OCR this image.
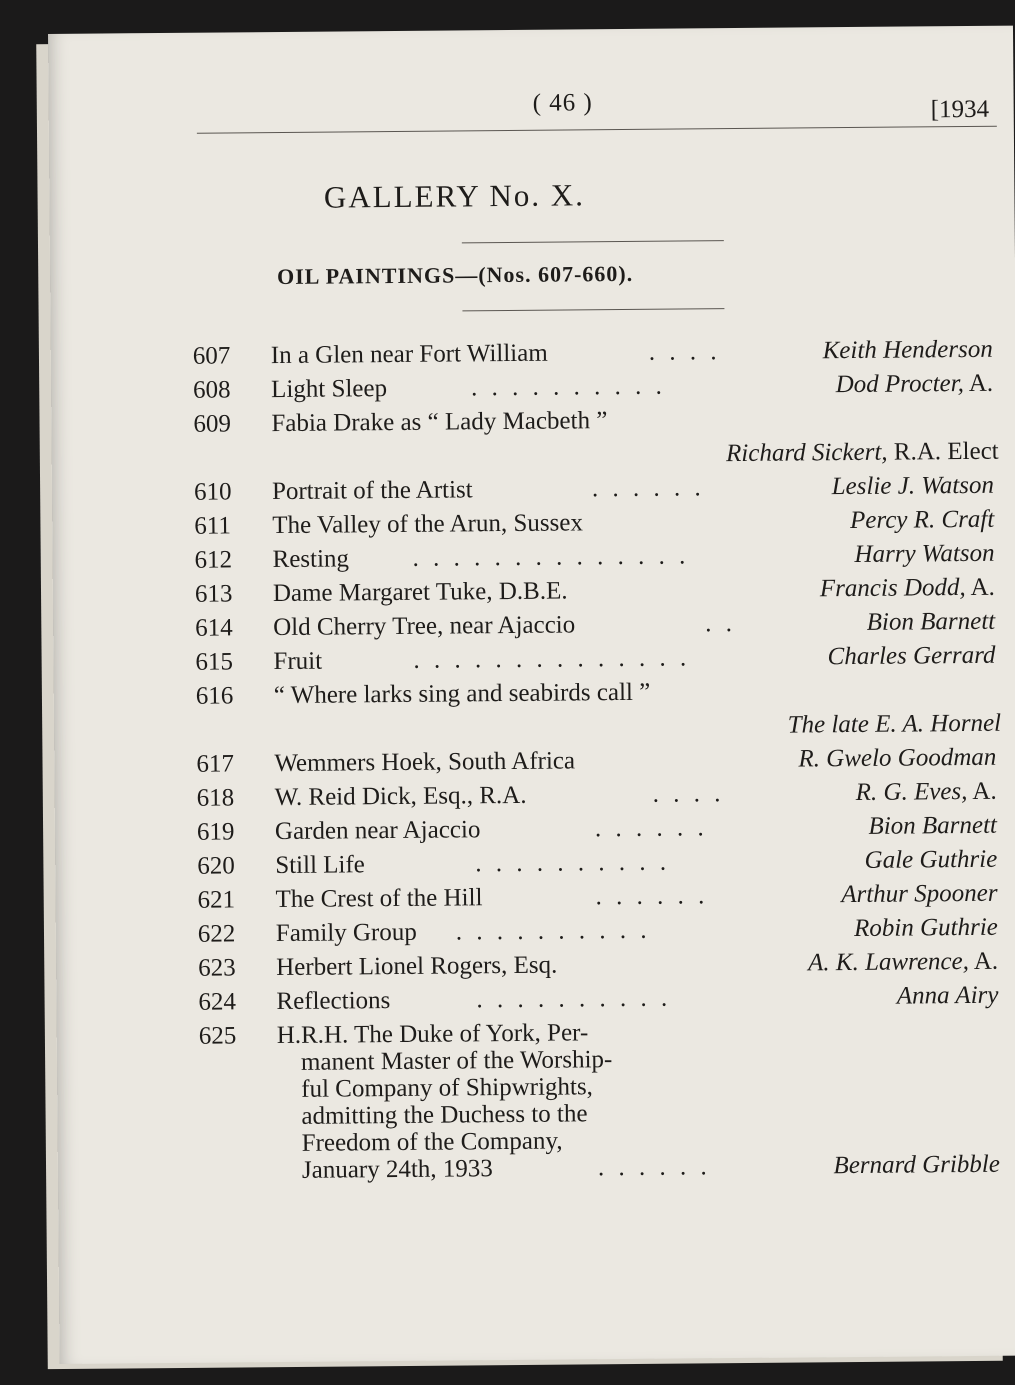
( 46 )	[1934
GALLERY No. X.
OIL PAINTINGS—(Nos. 607-660).
607 In a Glen near Fort William	. . . .	Keith Henderson
608 Light Sleep	. . . . . . . . . .	Dod Procter, A.
609 Fabia Drake as “ Lady Macbeth ”
Richard Sickert, R.A. Elect
610 Portrait of the Artist	. . . . . .	Leslie J. Watson
611 The Valley of the Arun, Sussex	Percy R. Craft
612 Resting	. . . . . . . . . . . . . .	Harry Watson
613 Dame Margaret Tuke, D.B.E.	Francis Dodd, A.
614 Old Cherry Tree, near Ajaccio	. .	Bion Barnett
615 Fruit	. . . . . . . . . . . . . .	Charles Gerrard
616 “ Where larks sing and seabirds call ”
The late E. A. Hornel
617 Wemmers Hoek, South Africa	R. Gwelo Goodman
618 W. Reid Dick, Esq., R.A.	. . . .	R. G. Eves, A.
619 Garden near Ajaccio	. . . . . .	Bion Barnett
620 Still Life	. . . . . . . . . .	Gale Guthrie
621 The Crest of the Hill	. . . . . .	Arthur Spooner
622 Family Group . . . . . . . . . .	Robin Guthrie
623 Herbert Lionel Rogers, Esq.	A. K. Lawrence, A.
624 Reflections	. . . . . . . . . .	Anna Airy
625 H.R.H. The Duke of York, Per-
manent Master of the Worship-
ful Company of Shipwrights,
admitting the Duchess to the
Freedom of the Company,
January 24th, 1933	. . . . . .	Bernard Gribble
